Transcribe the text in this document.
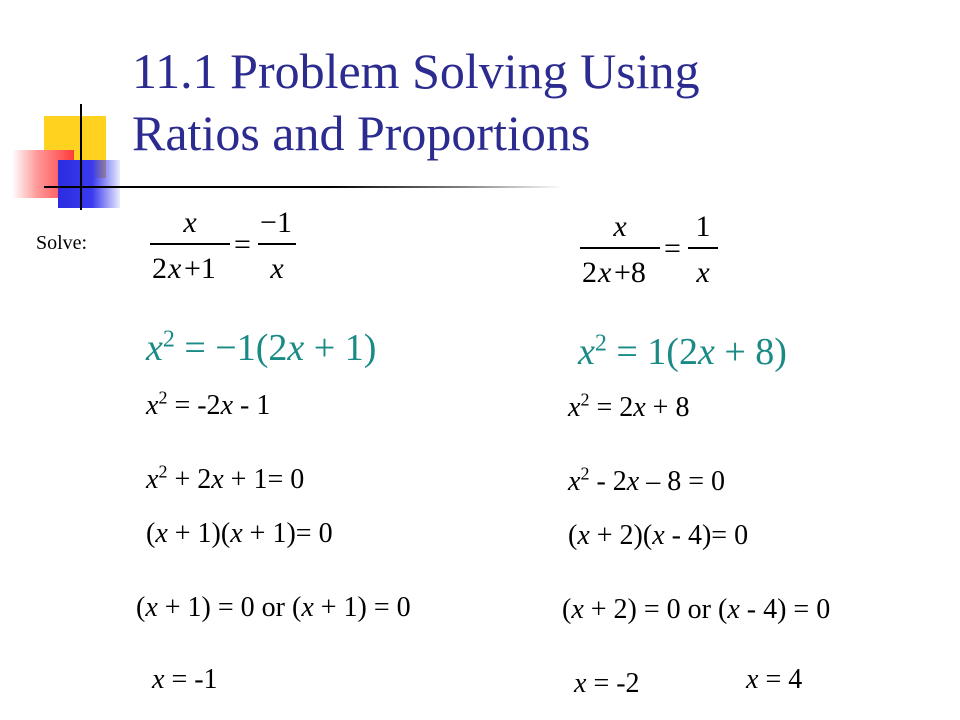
11.1 Problem Solving Using
Ratios and Proportions
Solve:
x
2 x +1
=
−1
x
x
2 x +8
=
1
x
$x^2 = -1(2x + 1)$	$x^2 = 1(2x + 8)$
$x^2 = -2x - 1$
$x^2 + 2x + 1= 0$
(x + 1)(x + 1)= 0
(x + 1) = 0 or (x + 1) = 0
x = -1
$x^2 = 2x + 8$
$x^2 - 2x - 8 = 0$
(x + 2)(x - 4)= 0
(x + 2) = 0 or (x - 4) = 0
x = -2	x = 4
